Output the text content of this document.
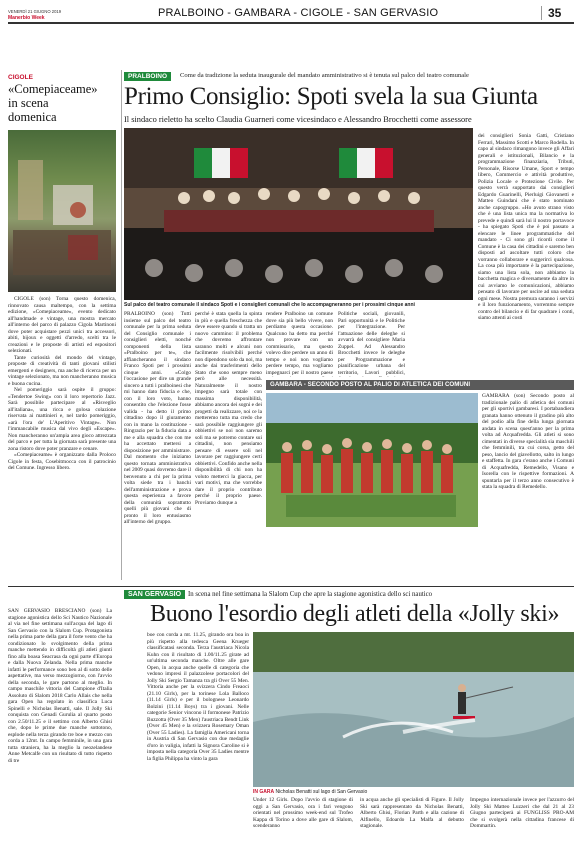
VENERDÌ 21 GIUGNO 2019
Manerbio Week	PRALBOINO - GAMBARA - CIGOLE - SAN GERVASIO	35
CIGOLE
«Comepiaceame»
in scena
domenica

CIGOLE (son) Torna questo domenica, rinnovato causa maltempo, con la settima edizione, «Comepiaceame», evento dedicato all'handmade e vintage, una mostra mercato all'interno del parco di palazzo Cigola Martinoni dove poter acquistare pezzi unici tra accessori, abiti, bijoux e oggetti d'arredo, scelti tra le creazioni e le proposte di artisti ed espositori selezionati.

Tante curiosità del mondo del vintage, proposte di creatività di tanti giovani stilisti emergenti e designers, ma anche di ricerca per un vintage selezionato, ma non mancheranno musica e buona cucina.

Nel pomeriggio sarà ospite il gruppo: «Tendertoe Swing» con il loro repertorio Jazz. Sarà possibile partecipare al «Risveglio all'italiana», una ricca e golosa colazione riservata ai mattinieri e, nel tardo pomeriggio, «arà l'ora de' L'Aperitivo Vintage». Non l'immancabile musica dal vivo degli «Escape». Non mancheranno un'ampia area gioco attrezzata del parco e per tutta la giornata sarà presente una zona ristoro dove poter pranzare e cenare.

«Comepiaceame» è organizzato dalla Proloco Cigole in festa, Cosebitmocca con il patrocinio del Comune. Ingresso libero.

PRALBOINO	Come da tradizione la seduta inaugurale del mandato amministrativo si è tenuta sul palco del teatro comunale
Primo Consiglio: Spoti svela la sua Giunta
Il sindaco rieletto ha scelto Claudia Guarneri come vicesindaco e Alessandro Brocchetti come assessore
Sul palco del teatro comunale il sindaco Spoti e i consiglieri comunali che lo accompagneranno per i prossimi cinque anni
PRALBOINO (son) Tutti insieme sul palco del teatro comunale per la prima seduta del Consiglio comunale i consiglieri eletti, nonché componenti della lista «Pralboino per te», che affiancheranno il sindaco Franco Spoti per i prossimi cinque anni. «Colgo l'occasione per dire un grande sincero a tutti i pralboinesi che mi hanno dato fiducia e che, con il loro voto, hanno consentito che l'elezione fosse valida - ha detto il primo cittadino dopo il giuramento con in mano la costituzione - Ringrazio per la fiducia data a me e alla squadra che con me ha accettato mettersi a disposizione per amministrare. Dal momento che iniziamo questo tornata amministrativa nel 2009 quasi dovremo dare il benvenuto a chi per la prima volta siede tra i banchi dell'amministrazione e prova questa esperienza a favore della comunità soprattutto quelli più giovani che di pronto il loro entusiasmo all'interno del gruppo.
perché è stata quella la spinta in più e quella freschezza che deve essere quando si tratta un nuovo cammino: il problema che dovremo affrontare saranno molti e alcuni non facilmente risolvibili perché non dipendono solo da noi, ma anche dai trasferimenti dello Stato che sono sempre meno però alle necessità. Naturalmente il nostro impegno sarà totale con massima disponibilità, abbiamo ancora dei sogni e dei progetti da realizzare, noi ce la metteremo tutta ma credo che sarà possibile raggiungere gli obbiettivi se noi non saremo soli ma se potremo contare sui cittadini, non pensiamo pensare di essere soli nel lavorare per raggiungere certi obbiettivi. Confido anche nella disponibilità di chi non ha voluto metterci la giacca, per vari motivi, ma che vorrebbe dare il proprio contributo perché il proprio paese. Proviamo dunque a
rendere Pralboino un comune dove sia più bello vivere, non perdiamo questa occasione. Qualcuno ha detto ma perché non provare con un commissario, ma questo volevo dire perdere un anno di tempo e noi non vogliamo perdere tempo, ma vogliamo impegnarci per il nostro paese
Politiche sociali, giovanili, Pari opportunità e le Politiche per l'integrazione. Per l'attuazione delle deleghe si avvarrà del consigliere Maria Zuppel. Ad Alessandro Brocchetti invece le deleghe per Programmazione e pianificazione urbana del territorio, Lavori pubblici,
dei consiglieri Sonia Gatti, Cristiano Ferrari, Massimo Scotti e Marco Rodella. In capo al sindaco rimangono invece gli Affari generali e istituzionali, Bilancio e la programmazione finanziaria, Tributi, Personale, Risorse Umane, Sport e tempo libero, Commercio e attività produttive, Polizia Locale e Protezione Civile. Per questo verrà supportato dai consiglieri Edgardo Guarinelli, Pierluigi Giovanetti e Matteo Guindani che è stato nominato anche capogruppo. «Ho avuto strano visto che è una lista unica ma la normativa lo prevede e quindi sarà lui il nostro portavoce - ha spiegato Spoti che è poi passato a elencare le linee programmatiche del mandato - Ci sono gli ricordi come il Comune è la casa dei cittadini e saremo ben disposti ad ascoltare tutti coloro che vorranno collaborare e suggerirci qualcosa. La cosa più importante è la partecipazione, siamo una lista sola, non abbiamo la bacchetta magica e diversamente da altre in cui avviamo le comunicazioni, abbiamo pensato di lavorare per uscire ad una seduta ogni mese. Nostra premura saranno i servizi e il loro funzionamento, vorremmo sempre contro del bilancio e di far quadrare i conti, siamo attenti ai costi
GAMBARA - SECONDO POSTO AL PALIO DI ATLETICA DEI COMUNI
GAMBARA (son) Secondo posto al tradizionale palio di atletica dei comuni per gli sportivi gambaresi. I portabandiera granata hanno ottenuto il gradino più alto del podio alla fine della lunga giornata andata in scena quest'anno per la prima volta ad Acquafredda. Gli atleti si sono cimentati in diverse specialità sia maschili che femminili, tra cui corsa, getto del peso, lancio del giavellotto, salto in lungo e staffetta. In gara c'erano anche i Comuni di Acquafredda, Remedello, Visano e Isorella con le rispettive formazioni. A spuntarla per il terzo anno consecutivo è stata la squadra di Remedello.
SAN GERVASIO	In scena nel fine settimana la Slalom Cup che apre la stagione agonistica dello sci nautico
Buono l'esordio degli atleti della «Jolly ski»
SAN GERVASIO BRESCIANO (son) La stagione agonistica dello Sci Nautico Nazionale al via nel fine settimana sull'acqua del lago di San Gervasio con la Slalom Cup. Protagonista nella prima parte della gara il forte vento che ha condizionato lo svolgimento della prima manche mettendo in difficoltà gli atleti giunti fino alla boasa Seacrasa da ogni parte d'Europa e dalla Nuova Zelanda. Nella prima manche infatti le performance sono ben al di sotto delle aspettative, ma verso mezzogiorno, con l'avvio della seconda, le gare partono al meglio. In campo maschile vittoria del Campione d'Italia Assoluto di Slalom 2018 Carlo Allais che nella gara Open ha regolato in classifica Luca Spinelli e Nicholas Benatti, sale. Il Jolly Ski conquista con Genadi Gurulia al quarto posto con 2.50/11.25 e il settimo con Alberto Ghisi che, dopo le prime due manche sottotono, esplode nella terza girando tre boe e mezzo con corda a 12mt. In campo femminile, in una gara tutta straniera, ha la meglio la neozelandese Anne Metcalfe con un risultato di tutto rispetto di tre
boe con corda a mt. 11.25, girando ora boa in più rispetto alla tedesca Geena Krueger classificatasi seconda. Terza l'austriaca Nicola Kuhn con il risultato di 1.00/11.25 girate ad un'ultima seconda manche. Oltre alle gare Open, in acqua anche quelle di categoria che vedono impresi il palazzolese portacolori del Jolly Ski Sergio Tamanza tra gli Over 55 Men. Vittoria anche per la svizzera Cindo Freaoci (21.10 Girls), per la torinese Lola Balloco (11.14 Girls) e per il bolognese Leonardo Bolzini (11.14 Boys) tra i giovani. Nelle categorie Senior vincono il formonese Patrizio Buzzotta (Over 35 Men) l'austriaca Bendt Link (Over 45 Men) e la svizzera Rosemary Oman (Over 55 Ladies). La famiglia Americani torna in Austria di San Gervasio con due medaglie d'oro in valigia, infatti la Signora Caroline si è imposta nella categoria Over 35 Ladies mentre la figlia Philippa ha vinto la gara
IN GARA Nicholas Benatti sul lago di San Gervasio
Under 12 Girls. Dopo l'avvio di stagione di oggi a San Gervasio, ora i fari vengono orientati nel prossimo week-end sul Trofeo Kappa di Torino a dove alle gare di Slalom, scenderanno
in acqua anche gli specialisti di Figure. Il Jolly Ski sarà rappresentato da Nicholas Benatti, Alberto Ghisi, Florian Parth e alla cazione di Alfinello, Edoardo La Malfa al debutto stagionale.
Impegno internazionale invece per l'azzurro del Jolly Ski Matteo Luzzeri che dal 21 al 23 Giugno parteciperà ai FUNGLISS PRO-AM che si svolgerà nella cittadina francese di Dommartin.
